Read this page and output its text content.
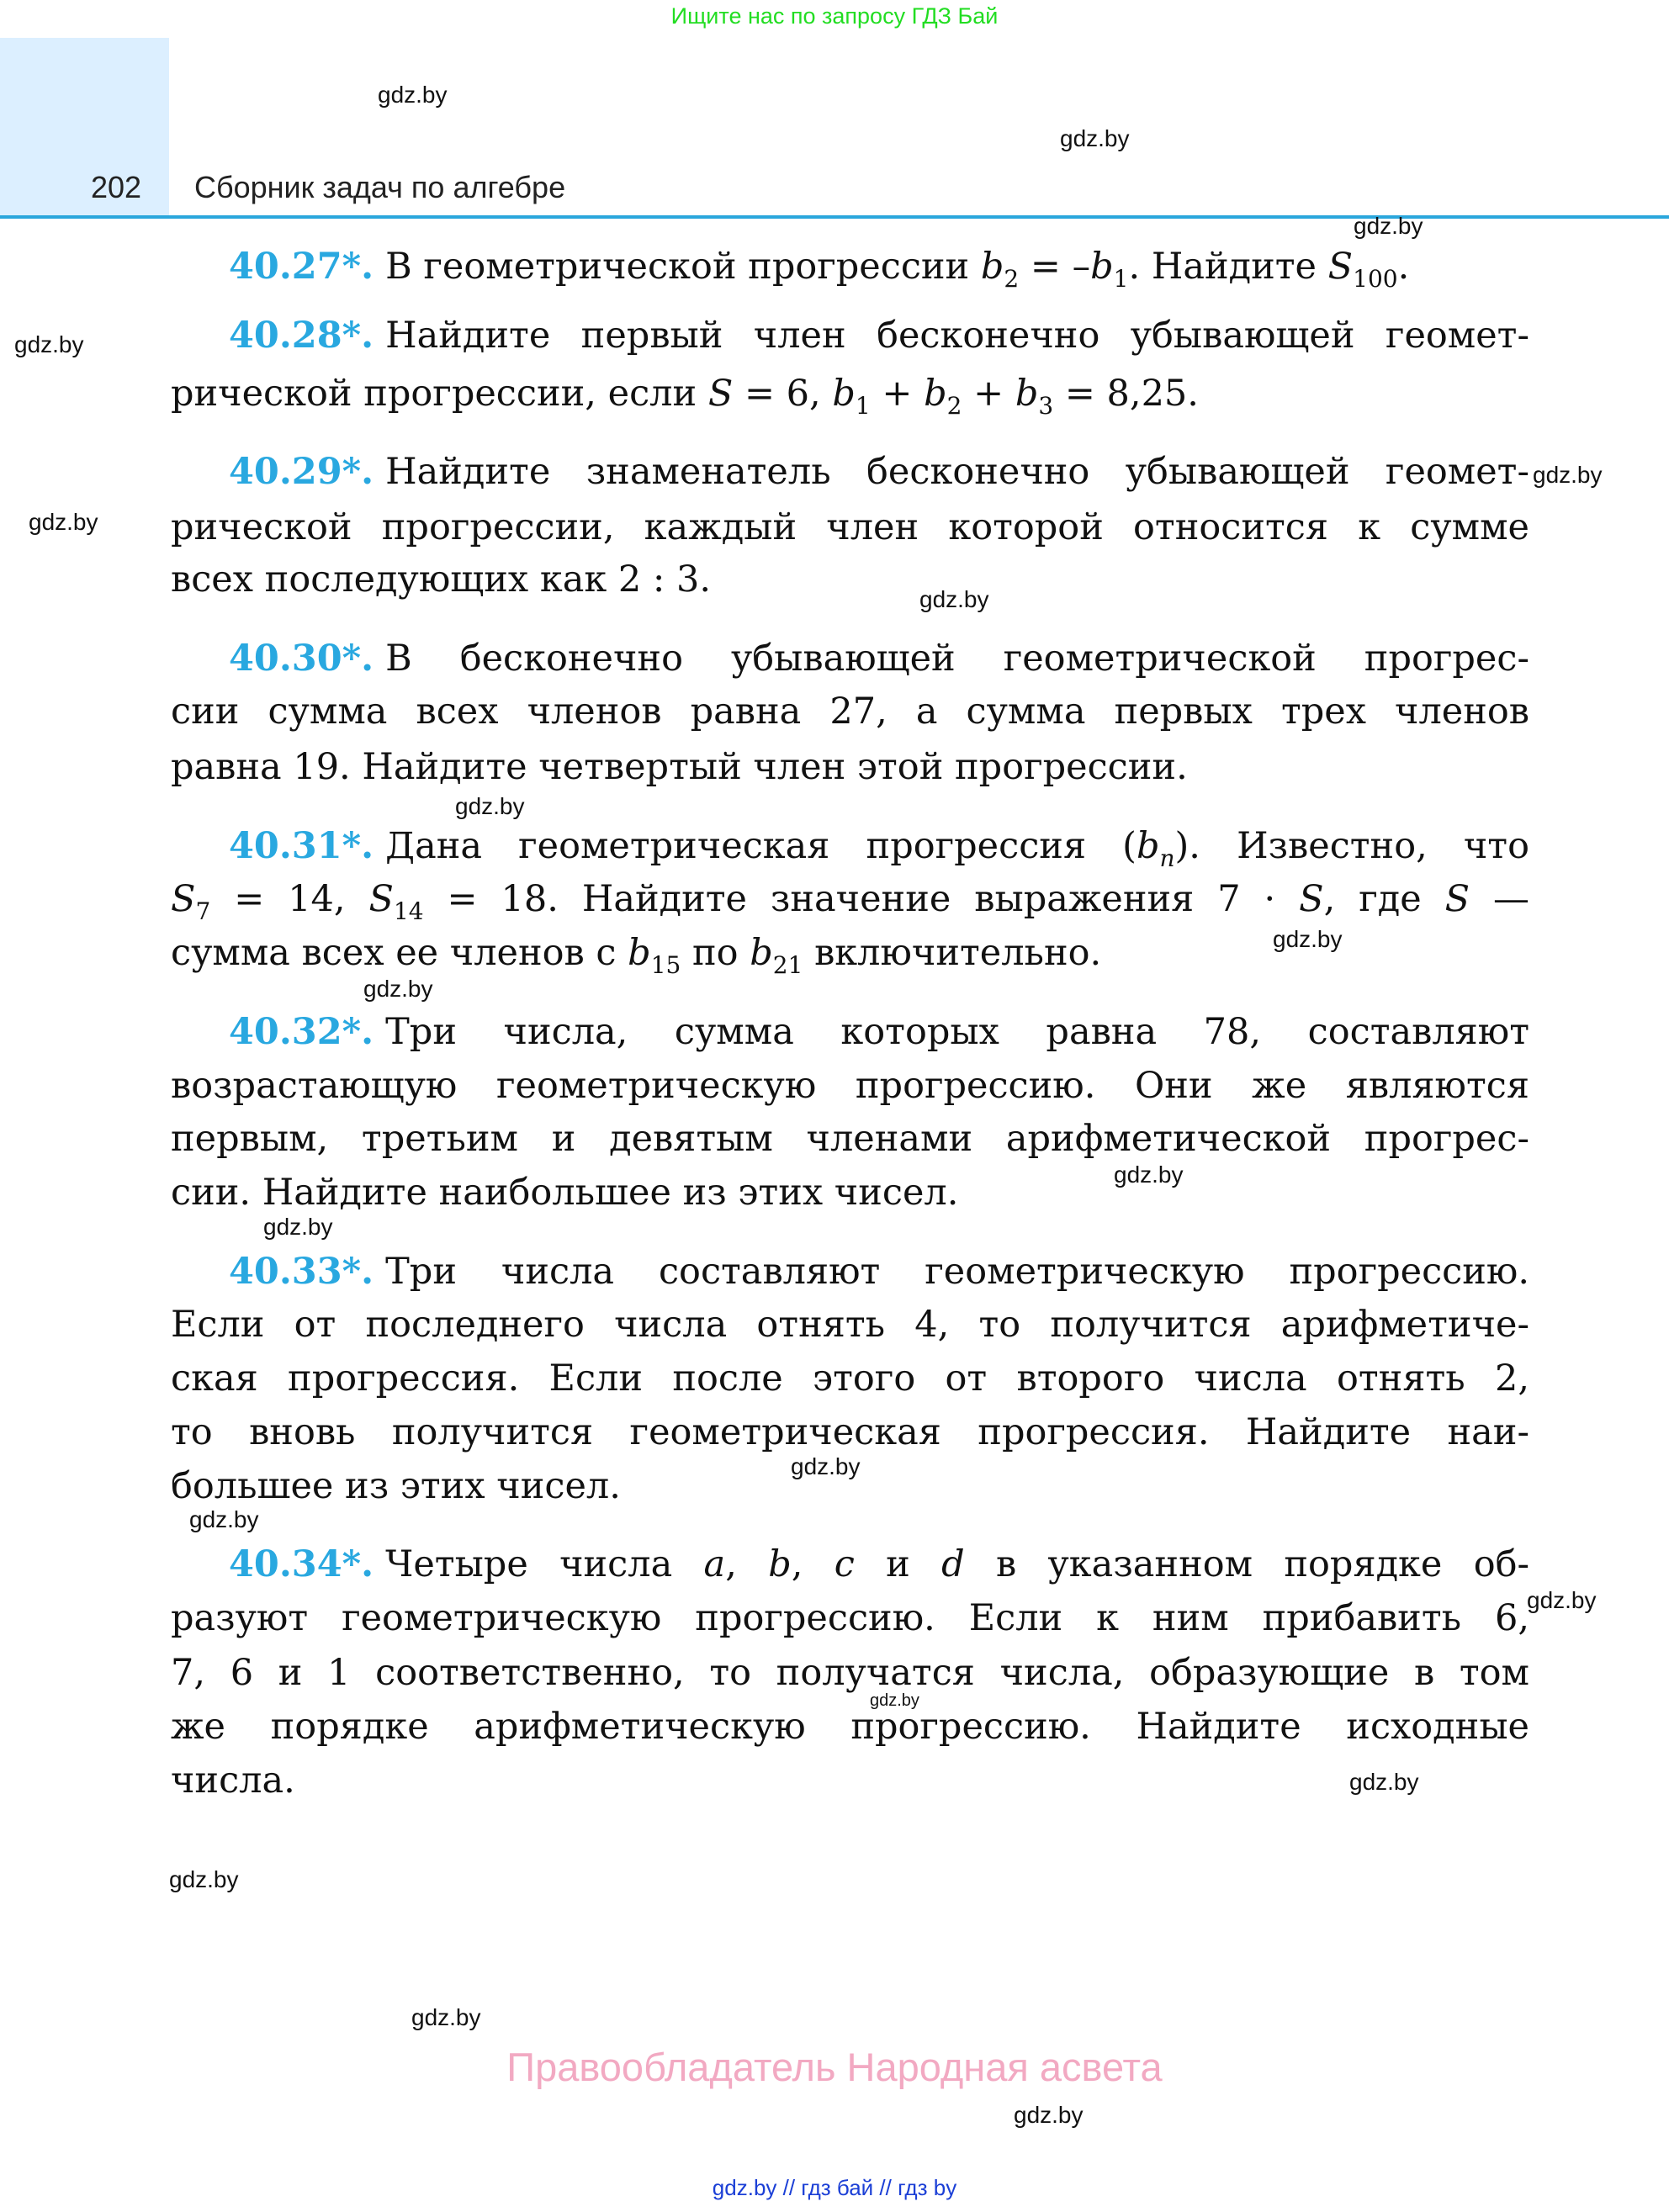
Ищите нас по запросу ГДЗ Бай
202 Сборник задач по алгебре
40.27*. В геометрической прогрессии $b_2 = -b_1$. Найдите $S_{100}$.
40.28*. Найдите первый член бесконечно убывающей геомет-
рической прогрессии, если S = 6, $b_1 + b_2 + b_3 = 8,25$.
40.29*. Найдите знаменатель бесконечно убывающей геомет-
рической прогрессии, каждый член которой относится к сумме
всех последующих как 2 : 3.
40.30*. В бесконечно убывающей геометрической прогрес-
сии сумма всех членов равна 27, а сумма первых трех членов
равна 19. Найдите четвертый член этой прогрессии.
40.31*. Дана геометрическая прогрессия $(b_n)$. Известно, что
$S_7 = 14$, $S_{14} = 18$. Найдите значение выражения 7 · S, где S —
сумма всех ее членов с $b_{15}$ по $b_{21}$ включительно.
40.32*. Три числа, сумма которых равна 78, составляют
возрастающую геометрическую прогрессию. Они же являются
первым, третьим и девятым членами арифметической прогрес-
сии. Найдите наибольшее из этих чисел.
40.33*. Три числа составляют геометрическую прогрессию.
Если от последнего числа отнять 4, то получится арифметиче-
ская прогрессия. Если после этого от второго числа отнять 2,
то вновь получится геометрическая прогрессия. Найдите наи-
большее из этих чисел.
40.34*. Четыре числа a, b, c и d в указанном порядке об-
разуют геометрическую прогрессию. Если к ним прибавить 6,
7, 6 и 1 соответственно, то получатся числа, образующие в том
же порядке арифметическую прогрессию. Найдите исходные
числа.
gdz.by
gdz.by
gdz.by
gdz.by
gdz.by
gdz.by
gdz.by
gdz.by
gdz.by
gdz.by
gdz.by
gdz.by
gdz.by
gdz.by
gdz.by
gdz.by
gdz.by
gdz.by
gdz.by
gdz.by
Правообладатель Народная асвета
gdz.by // гдз бай // гдз by
